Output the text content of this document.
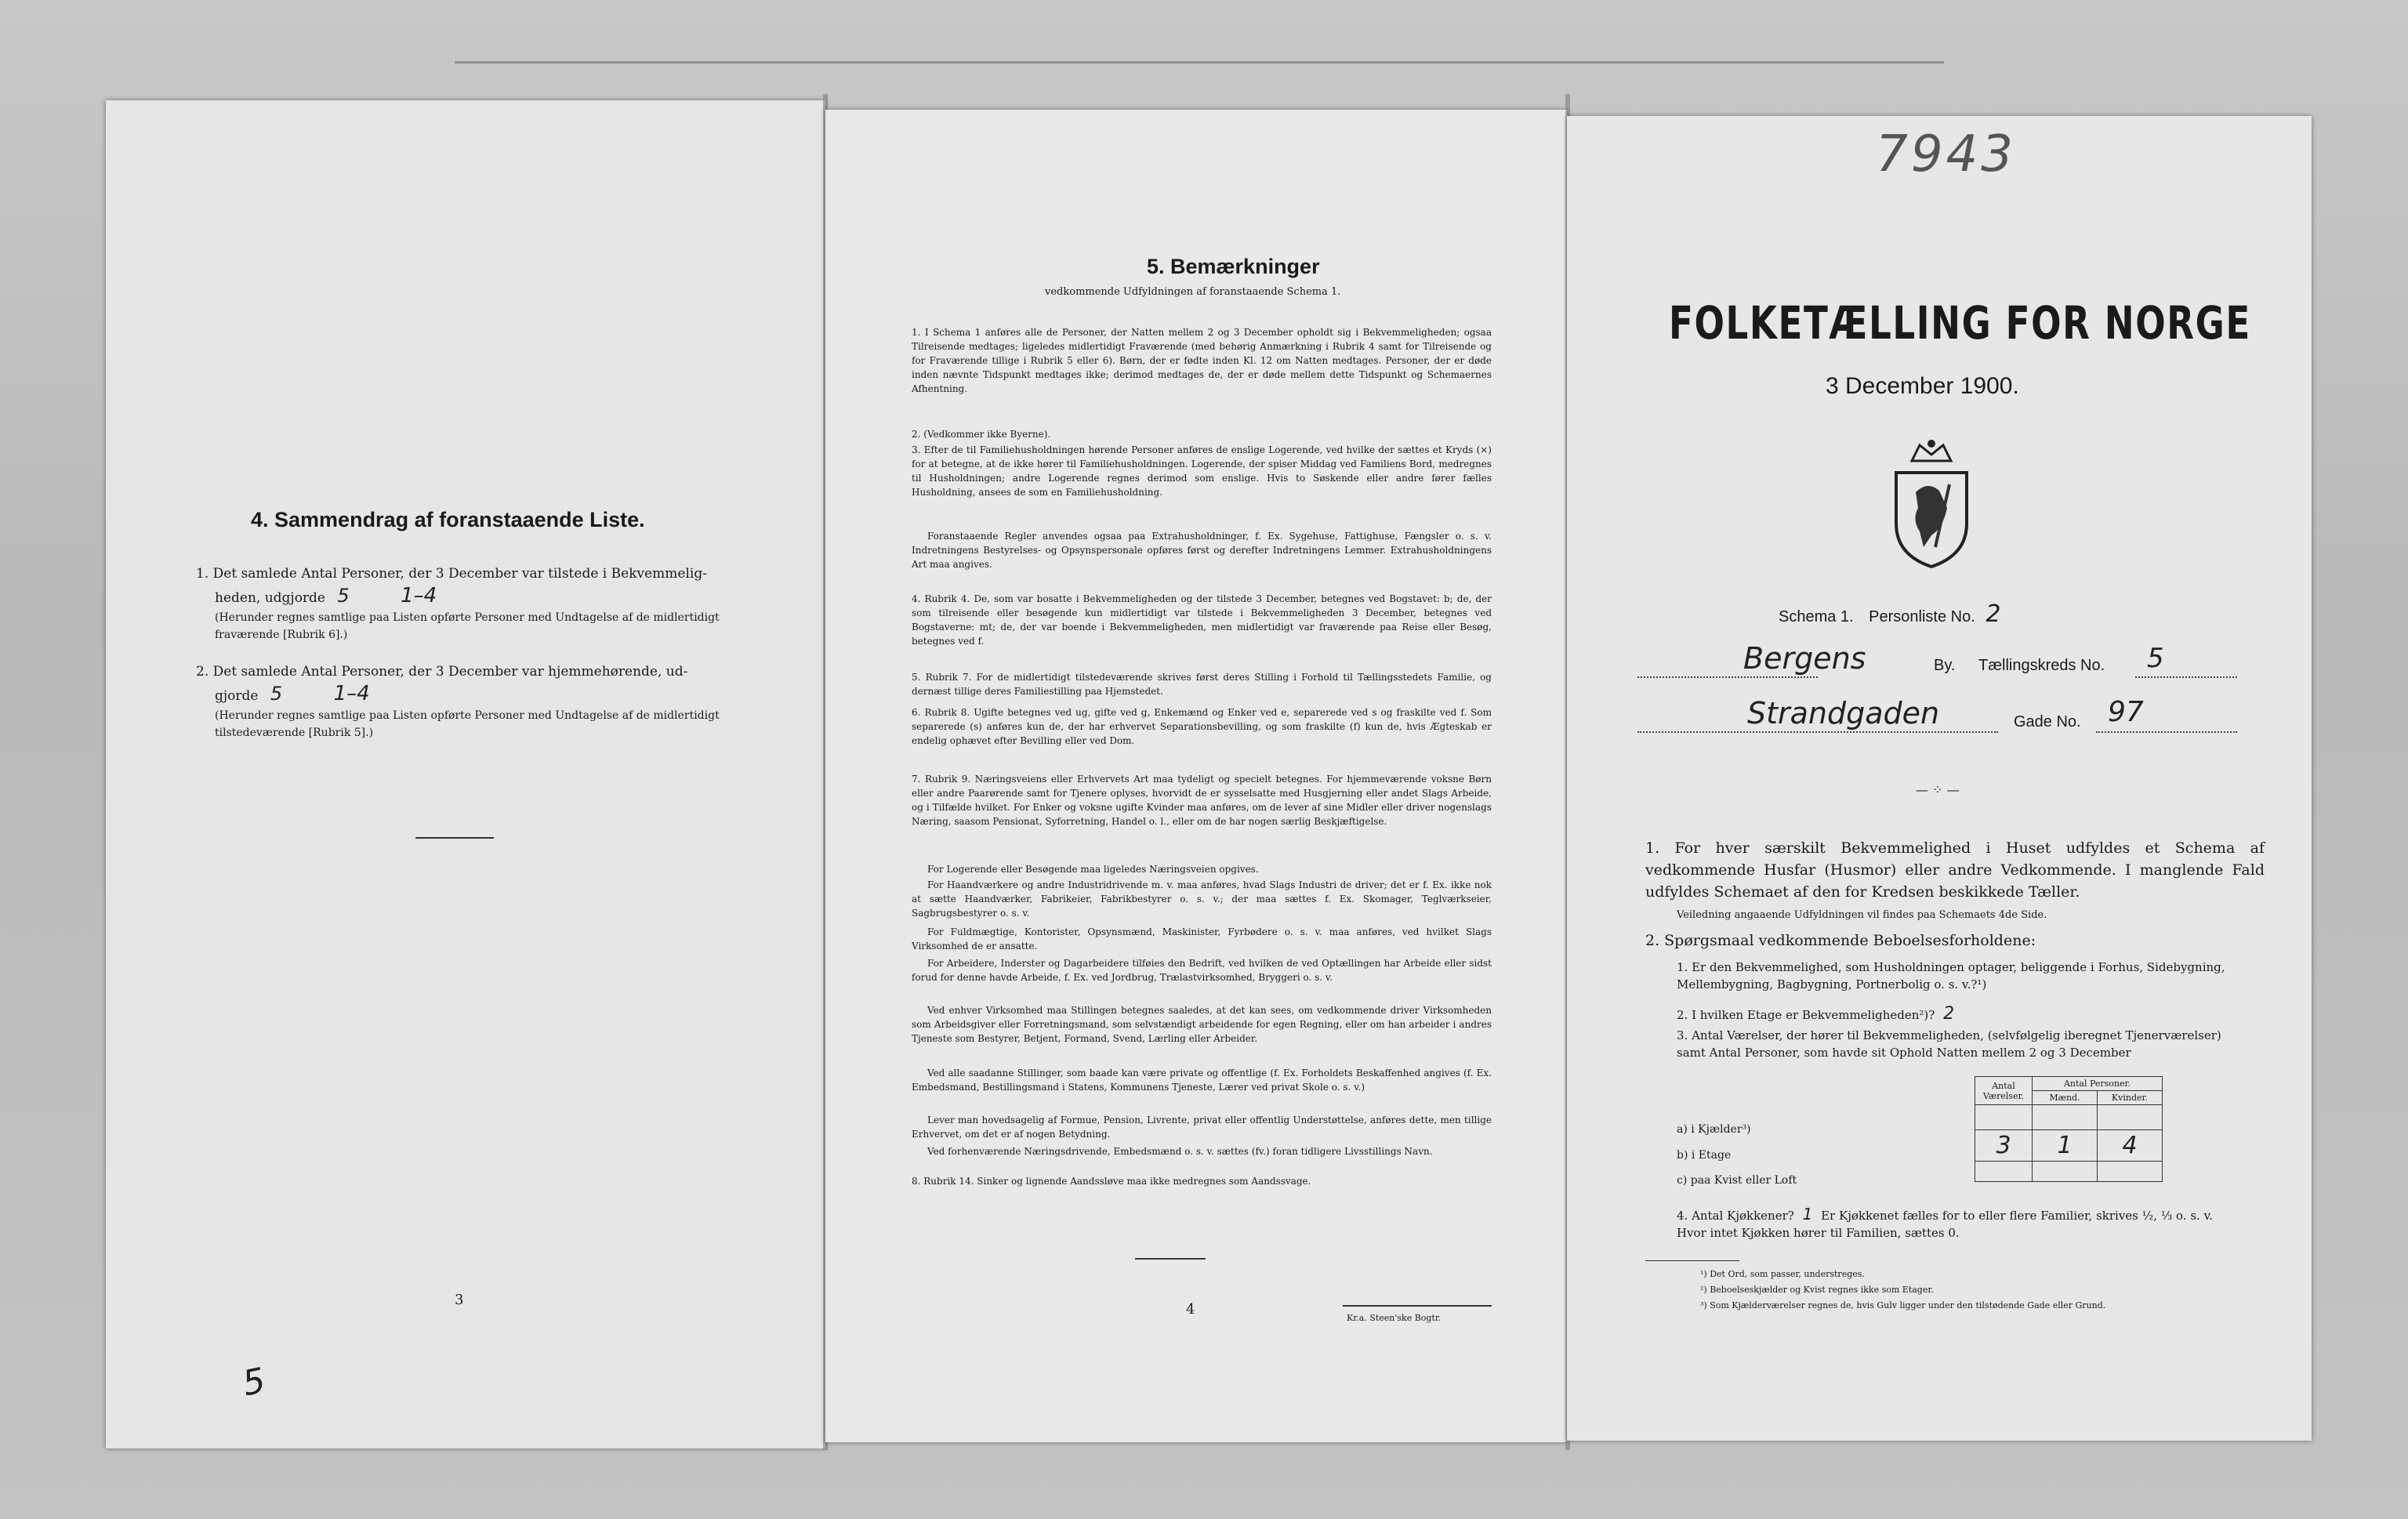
4. Sammendrag af foranstaaende Liste.
1. Det samlede Antal Personer, der 3 December var tilstede i Bekvemmelig-
heden, udgjorde 5	1–4
(Herunder regnes samtlige paa Listen opførte Personer med Undtagelse af de midlertidigt fraværende [Rubrik 6].)
2. Det samlede Antal Personer, der 3 December var hjemmehørende, ud-
gjorde 5	1–4
(Herunder regnes samtlige paa Listen opførte Personer med Undtagelse af de midlertidigt tilstedeværende [Rubrik 5].)
3
5
5. Bemærkninger
vedkommende Udfyldningen af foranstaaende Schema 1.
1. I Schema 1 anføres alle de Personer, der Natten mellem 2 og 3 December opholdt sig i Bekvemmeligheden; ogsaa Tilreisende medtages; ligeledes midlertidigt Fraværende (med behørig Anmærkning i Rubrik 4 samt for Tilreisende og for Fraværende tillige i Rubrik 5 eller 6). Børn, der er fødte inden Kl. 12 om Natten medtages. Personer, der er døde inden nævnte Tidspunkt medtages ikke; derimod medtages de, der er døde mellem dette Tidspunkt og Schemaernes Afhentning.
2. (Vedkommer ikke Byerne).
3. Efter de til Familiehusholdningen hørende Personer anføres de enslige Logerende, ved hvilke der sættes et Kryds (×) for at betegne, at de ikke hører til Familiehusholdningen. Logerende, der spiser Middag ved Familiens Bord, medregnes til Husholdningen; andre Logerende regnes derimod som enslige. Hvis to Søskende eller andre fører fælles Husholdning, ansees de som en Familiehusholdning.
Foranstaaende Regler anvendes ogsaa paa Extrahusholdninger, f. Ex. Sygehuse, Fattighuse, Fængsler o. s. v. Indretningens Bestyrelses- og Opsynspersonale opføres først og derefter Indretningens Lemmer. Extrahusholdningens Art maa angives.
4. Rubrik 4. De, som var bosatte i Bekvemmeligheden og der tilstede 3 December, betegnes ved Bogstavet: b; de, der som tilreisende eller besøgende kun midlertidigt var tilstede i Bekvemmeligheden 3 December, betegnes ved Bogstaverne: mt; de, der var boende i Bekvemmeligheden, men midlertidigt var fraværende paa Reise eller Besøg, betegnes ved f.
5. Rubrik 7. For de midlertidigt tilstedeværende skrives først deres Stilling i Forhold til Tællingsstedets Familie, og dernæst tillige deres Familiestilling paa Hjemstedet.
6. Rubrik 8. Ugifte betegnes ved ug, gifte ved g, Enkemænd og Enker ved e, separerede ved s og fraskilte ved f. Som separerede (s) anføres kun de, der har erhvervet Separationsbevilling, og som fraskilte (f) kun de, hvis Ægteskab er endelig ophævet efter Bevilling eller ved Dom.
7. Rubrik 9. Næringsveiens eller Erhvervets Art maa tydeligt og specielt betegnes. For hjemmeværende voksne Børn eller andre Paarørende samt for Tjenere oplyses, hvorvidt de er sysselsatte med Husgjerning eller andet Slags Arbeide, og i Tilfælde hvilket. For Enker og voksne ugifte Kvinder maa anføres, om de lever af sine Midler eller driver nogenslags Næring, saasom Pensionat, Syforretning, Handel o. l., eller om de har nogen særlig Beskjæftigelse.
For Logerende eller Besøgende maa ligeledes Næringsveien opgives.
For Haandværkere og andre Industridrivende m. v. maa anføres, hvad Slags Industri de driver; det er f. Ex. ikke nok at sætte Haandværker, Fabrikeier, Fabrikbestyrer o. s. v.; der maa sættes f. Ex. Skomager, Teglværkseier, Sagbrugsbestyrer o. s. v.
For Fuldmægtige, Kontorister, Opsynsmænd, Maskinister, Fyrbødere o. s. v. maa anføres, ved hvilket Slags Virksomhed de er ansatte.
For Arbeidere, Inderster og Dagarbeidere tilføies den Bedrift, ved hvilken de ved Optællingen har Arbeide eller sidst forud for denne havde Arbeide, f. Ex. ved Jordbrug, Trælastvirksomhed, Bryggeri o. s. v.
Ved enhver Virksomhed maa Stillingen betegnes saaledes, at det kan sees, om vedkommende driver Virksomheden som Arbeidsgiver eller Forretningsmand, som selvstændigt arbeidende for egen Regning, eller om han arbeider i andres Tjeneste som Bestyrer, Betjent, Formand, Svend, Lærling eller Arbeider.
Ved alle saadanne Stillinger, som baade kan være private og offentlige (f. Ex. Forholdets Beskaffenhed angives (f. Ex. Embedsmand, Bestillingsmand i Statens, Kommunens Tjeneste, Lærer ved privat Skole o. s. v.)
Lever man hovedsagelig af Formue, Pension, Livrente, privat eller offentlig Understøttelse, anføres dette, men tillige Erhvervet, om det er af nogen Betydning.
Ved forhenværende Næringsdrivende, Embedsmænd o. s. v. sættes (fv.) foran tidligere Livsstillings Navn.
8. Rubrik 14. Sinker og lignende Aandssløve maa ikke medregnes som Aandssvage.
4
Kr.a. Steen'ske Bogtr.
FOLKETÆLLING FOR NORGE
3 December 1900.
Schema 1. Personliste No. 2
Bergens	By. Tællingskreds No. 5
Strandgaden	Gade No. 97
— ⁘ —
1. For hver særskilt Bekvemmelighed i Huset udfyldes et Schema af vedkommende Husfar (Husmor) eller andre Vedkommende. I manglende Fald udfyldes Schemaet af den for Kredsen beskikkede Tæller.
Veiledning angaaende Udfyldningen vil findes paa Schemaets 4de Side.
2. Spørgsmaal vedkommende Beboelsesforholdene:
1. Er den Bekvemmelighed, som Husholdningen optager, beliggende i Forhus, Sidebygning, Mellembygning, Bagbygning, Portnerbolig o. s. v.?¹)
2. I hvilken Etage er Bekvemmeligheden²)? 2
3. Antal Værelser, der hører til Bekvemmeligheden, (selvfølgelig iberegnet Tjenerværelser) samt Antal Personer, som havde sit Ophold Natten mellem 2 og 3 December
a) i Kjælder³)
b) i Etage
c) paa Kvist eller Loft
Antal Værelser.	Antal Personer.	
	Mænd.	Kvinder.

3	1	4

4. Antal Kjøkkener? 1 Er Kjøkkenet fælles for to eller flere Familier, skrives ½, ⅓ o. s. v. Hvor intet Kjøkken hører til Familien, sættes 0.
¹) Det Ord, som passer, understreges.
²) Beboelseskjælder og Kvist regnes ikke som Etager.
³) Som Kjælderværelser regnes de, hvis Gulv ligger under den tilstødende Gade eller Grund.
7943
